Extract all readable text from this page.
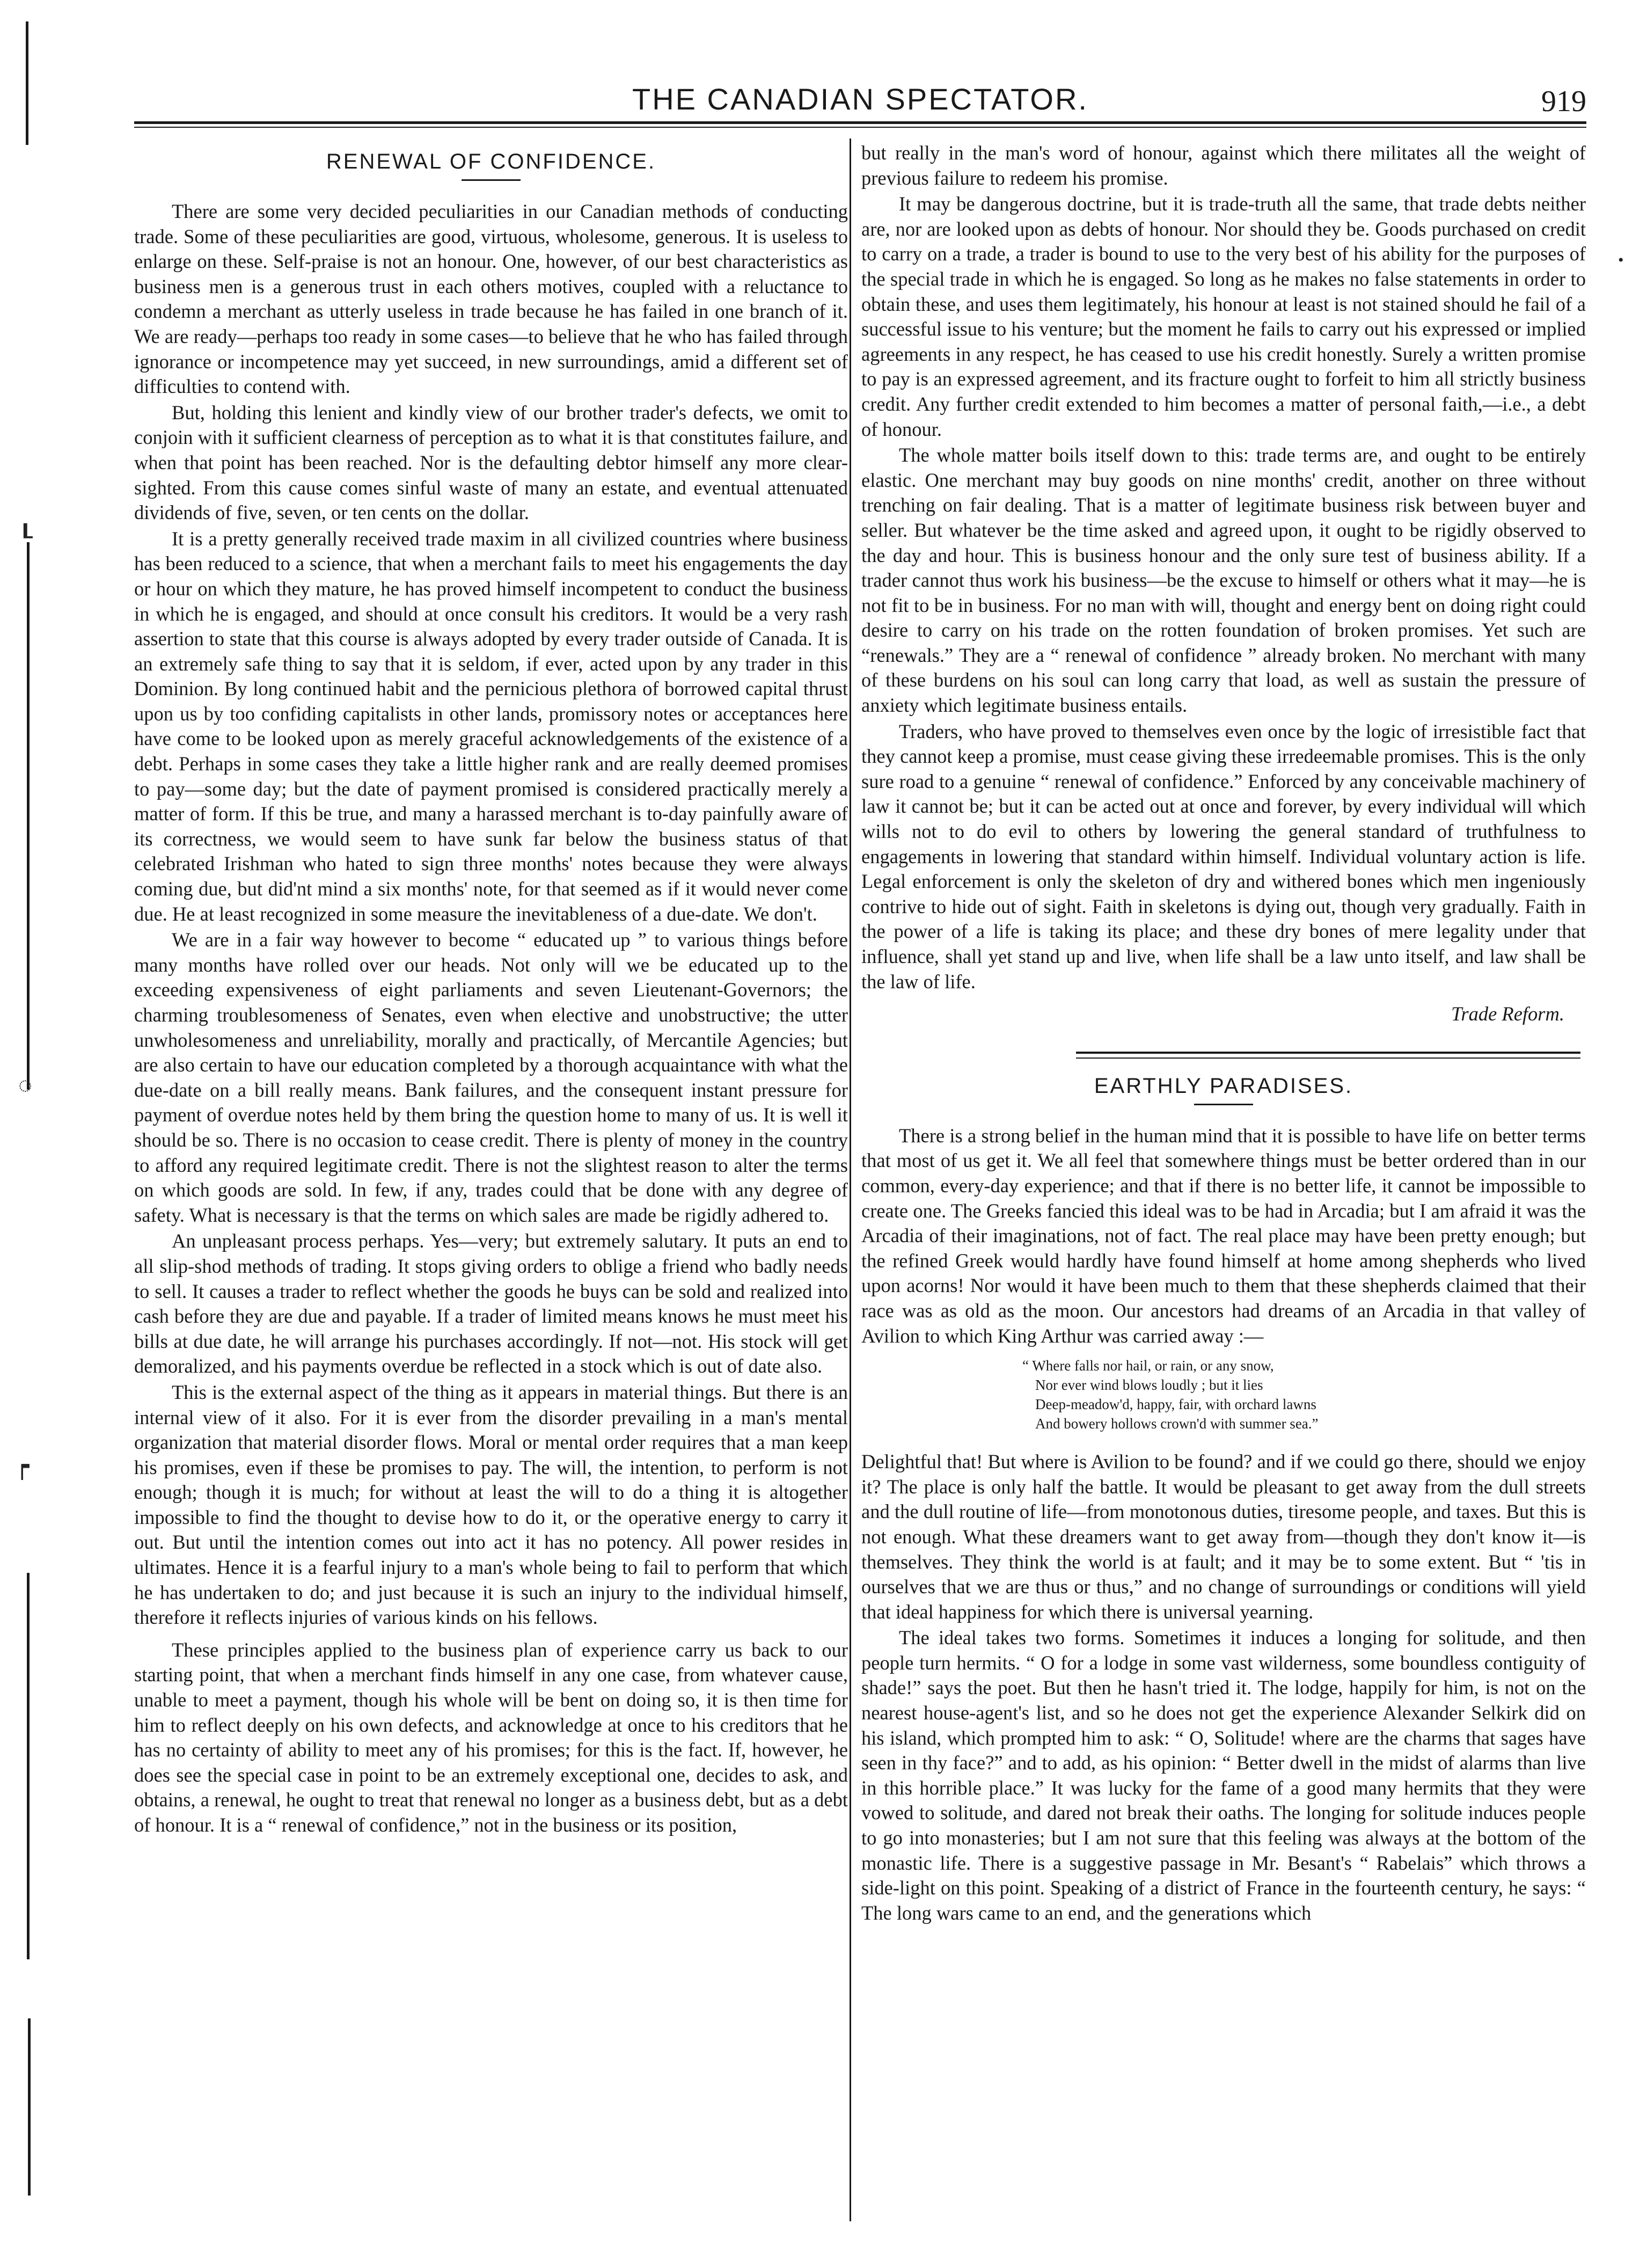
┖
◌
┍
•
THE CANADIAN SPECTATOR.	919
RENEWAL OF CONFIDENCE.

There are some very decided peculiarities in our Canadian methods of conducting trade. Some of these peculiarities are good, virtuous, wholesome, generous. It is useless to enlarge on these. Self-praise is not an honour. One, however, of our best characteristics as business men is a generous trust in each others motives, coupled with a reluctance to condemn a merchant as utterly useless in trade because he has failed in one branch of it. We are ready—perhaps too ready in some cases—to believe that he who has failed through ignorance or incompetence may yet succeed, in new surroundings, amid a different set of difficulties to contend with.

But, holding this lenient and kindly view of our brother trader's defects, we omit to conjoin with it sufficient clearness of perception as to what it is that constitutes failure, and when that point has been reached. Nor is the defaulting debtor himself any more clear-sighted. From this cause comes sinful waste of many an estate, and eventual attenuated dividends of five, seven, or ten cents on the dollar.

It is a pretty generally received trade maxim in all civilized countries where business has been reduced to a science, that when a merchant fails to meet his engagements the day or hour on which they mature, he has proved himself incompetent to conduct the business in which he is engaged, and should at once consult his creditors. It would be a very rash assertion to state that this course is always adopted by every trader outside of Canada. It is an extremely safe thing to say that it is seldom, if ever, acted upon by any trader in this Dominion. By long continued habit and the pernicious plethora of borrowed capital thrust upon us by too confiding capitalists in other lands, promissory notes or acceptances here have come to be looked upon as merely graceful acknowledgements of the existence of a debt. Perhaps in some cases they take a little higher rank and are really deemed promises to pay—some day; but the date of payment promised is considered practically merely a matter of form. If this be true, and many a harassed merchant is to-day painfully aware of its correctness, we would seem to have sunk far below the business status of that celebrated Irishman who hated to sign three months' notes because they were always coming due, but did'nt mind a six months' note, for that seemed as if it would never come due. He at least recognized in some measure the inevitableness of a due-date. We don't.

We are in a fair way however to become “ educated up ” to various things before many months have rolled over our heads. Not only will we be educated up to the exceeding expensiveness of eight parliaments and seven Lieutenant-Governors; the charming troublesomeness of Senates, even when elective and unobstructive; the utter unwholesomeness and unreliability, morally and practically, of Mercantile Agencies; but are also certain to have our education completed by a thorough acquaintance with what the due-date on a bill really means. Bank failures, and the consequent instant pressure for payment of overdue notes held by them bring the question home to many of us. It is well it should be so. There is no occasion to cease credit. There is plenty of money in the country to afford any required legitimate credit. There is not the slightest reason to alter the terms on which goods are sold. In few, if any, trades could that be done with any degree of safety. What is necessary is that the terms on which sales are made be rigidly adhered to.

An unpleasant process perhaps. Yes—very; but extremely salutary. It puts an end to all slip-shod methods of trading. It stops giving orders to oblige a friend who badly needs to sell. It causes a trader to reflect whether the goods he buys can be sold and realized into cash before they are due and payable. If a trader of limited means knows he must meet his bills at due date, he will arrange his purchases accordingly. If not—not. His stock will get demoralized, and his payments overdue be reflected in a stock which is out of date also.

This is the external aspect of the thing as it appears in material things. But there is an internal view of it also. For it is ever from the disorder prevailing in a man's mental organization that material disorder flows. Moral or mental order requires that a man keep his promises, even if these be promises to pay. The will, the intention, to perform is not enough; though it is much; for without at least the will to do a thing it is altogether impossible to find the thought to devise how to do it, or the operative energy to carry it out. But until the intention comes out into act it has no potency. All power resides in ultimates. Hence it is a fearful injury to a man's whole being to fail to perform that which he has undertaken to do; and just because it is such an injury to the individual himself, therefore it reflects injuries of various kinds on his fellows.

These principles applied to the business plan of experience carry us back to our starting point, that when a merchant finds himself in any one case, from whatever cause, unable to meet a payment, though his whole will be bent on doing so, it is then time for him to reflect deeply on his own defects, and acknowledge at once to his creditors that he has no certainty of ability to meet any of his promises; for this is the fact. If, however, he does see the special case in point to be an extremely exceptional one, decides to ask, and obtains, a renewal, he ought to treat that renewal no longer as a business debt, but as a debt of honour. It is a “ renewal of confidence,” not in the business or its position,

but really in the man's word of honour, against which there militates all the weight of previous failure to redeem his promise.

It may be dangerous doctrine, but it is trade-truth all the same, that trade debts neither are, nor are looked upon as debts of honour. Nor should they be. Goods purchased on credit to carry on a trade, a trader is bound to use to the very best of his ability for the purposes of the special trade in which he is engaged. So long as he makes no false statements in order to obtain these, and uses them legitimately, his honour at least is not stained should he fail of a successful issue to his venture; but the moment he fails to carry out his expressed or implied agreements in any respect, he has ceased to use his credit honestly. Surely a written promise to pay is an expressed agreement, and its fracture ought to forfeit to him all strictly business credit. Any further credit extended to him becomes a matter of personal faith,—i.e., a debt of honour.

The whole matter boils itself down to this: trade terms are, and ought to be entirely elastic. One merchant may buy goods on nine months' credit, another on three without trenching on fair dealing. That is a matter of legitimate business risk between buyer and seller. But whatever be the time asked and agreed upon, it ought to be rigidly observed to the day and hour. This is business honour and the only sure test of business ability. If a trader cannot thus work his business—be the excuse to himself or others what it may—he is not fit to be in business. For no man with will, thought and energy bent on doing right could desire to carry on his trade on the rotten foundation of broken promises. Yet such are “renewals.” They are a “ renewal of confidence ” already broken. No merchant with many of these burdens on his soul can long carry that load, as well as sustain the pressure of anxiety which legitimate business entails.

Traders, who have proved to themselves even once by the logic of irresistible fact that they cannot keep a promise, must cease giving these irredeemable promises. This is the only sure road to a genuine “ renewal of confidence.” Enforced by any conceivable machinery of law it cannot be; but it can be acted out at once and forever, by every individual will which wills not to do evil to others by lowering the general standard of truthfulness to engagements in lowering that standard within himself. Individual voluntary action is life. Legal enforcement is only the skeleton of dry and withered bones which men ingeniously contrive to hide out of sight. Faith in skeletons is dying out, though very gradually. Faith in the power of a life is taking its place; and these dry bones of mere legality under that influence, shall yet stand up and live, when life shall be a law unto itself, and law shall be the law of life.

Trade Reform.
EARTHLY PARADISES.

There is a strong belief in the human mind that it is possible to have life on better terms that most of us get it. We all feel that somewhere things must be better ordered than in our common, every-day experience; and that if there is no better life, it cannot be impossible to create one. The Greeks fancied this ideal was to be had in Arcadia; but I am afraid it was the Arcadia of their imaginations, not of fact. The real place may have been pretty enough; but the refined Greek would hardly have found himself at home among shepherds who lived upon acorns! Nor would it have been much to them that these shepherds claimed that their race was as old as the moon. Our ancestors had dreams of an Arcadia in that valley of Avilion to which King Arthur was carried away :—

“ Where falls nor hail, or rain, or any snow,
Nor ever wind blows loudly ; but it lies
Deep-meadow'd, happy, fair, with orchard lawns
And bowery hollows crown'd with summer sea.”

Delightful that! But where is Avilion to be found? and if we could go there, should we enjoy it? The place is only half the battle. It would be pleasant to get away from the dull streets and the dull routine of life—from monotonous duties, tiresome people, and taxes. But this is not enough. What these dreamers want to get away from—though they don't know it—is themselves. They think the world is at fault; and it may be to some extent. But “ 'tis in ourselves that we are thus or thus,” and no change of surroundings or conditions will yield that ideal happiness for which there is universal yearning.

The ideal takes two forms. Sometimes it induces a longing for solitude, and then people turn hermits. “ O for a lodge in some vast wilderness, some boundless contiguity of shade!” says the poet. But then he hasn't tried it. The lodge, happily for him, is not on the nearest house-agent's list, and so he does not get the experience Alexander Selkirk did on his island, which prompted him to ask: “ O, Solitude! where are the charms that sages have seen in thy face?” and to add, as his opinion: “ Better dwell in the midst of alarms than live in this horrible place.” It was lucky for the fame of a good many hermits that they were vowed to solitude, and dared not break their oaths. The longing for solitude induces people to go into monasteries; but I am not sure that this feeling was always at the bottom of the monastic life. There is a suggestive passage in Mr. Besant's “ Rabelais” which throws a side-light on this point. Speaking of a district of France in the fourteenth century, he says: “ The long wars came to an end, and the generations which
